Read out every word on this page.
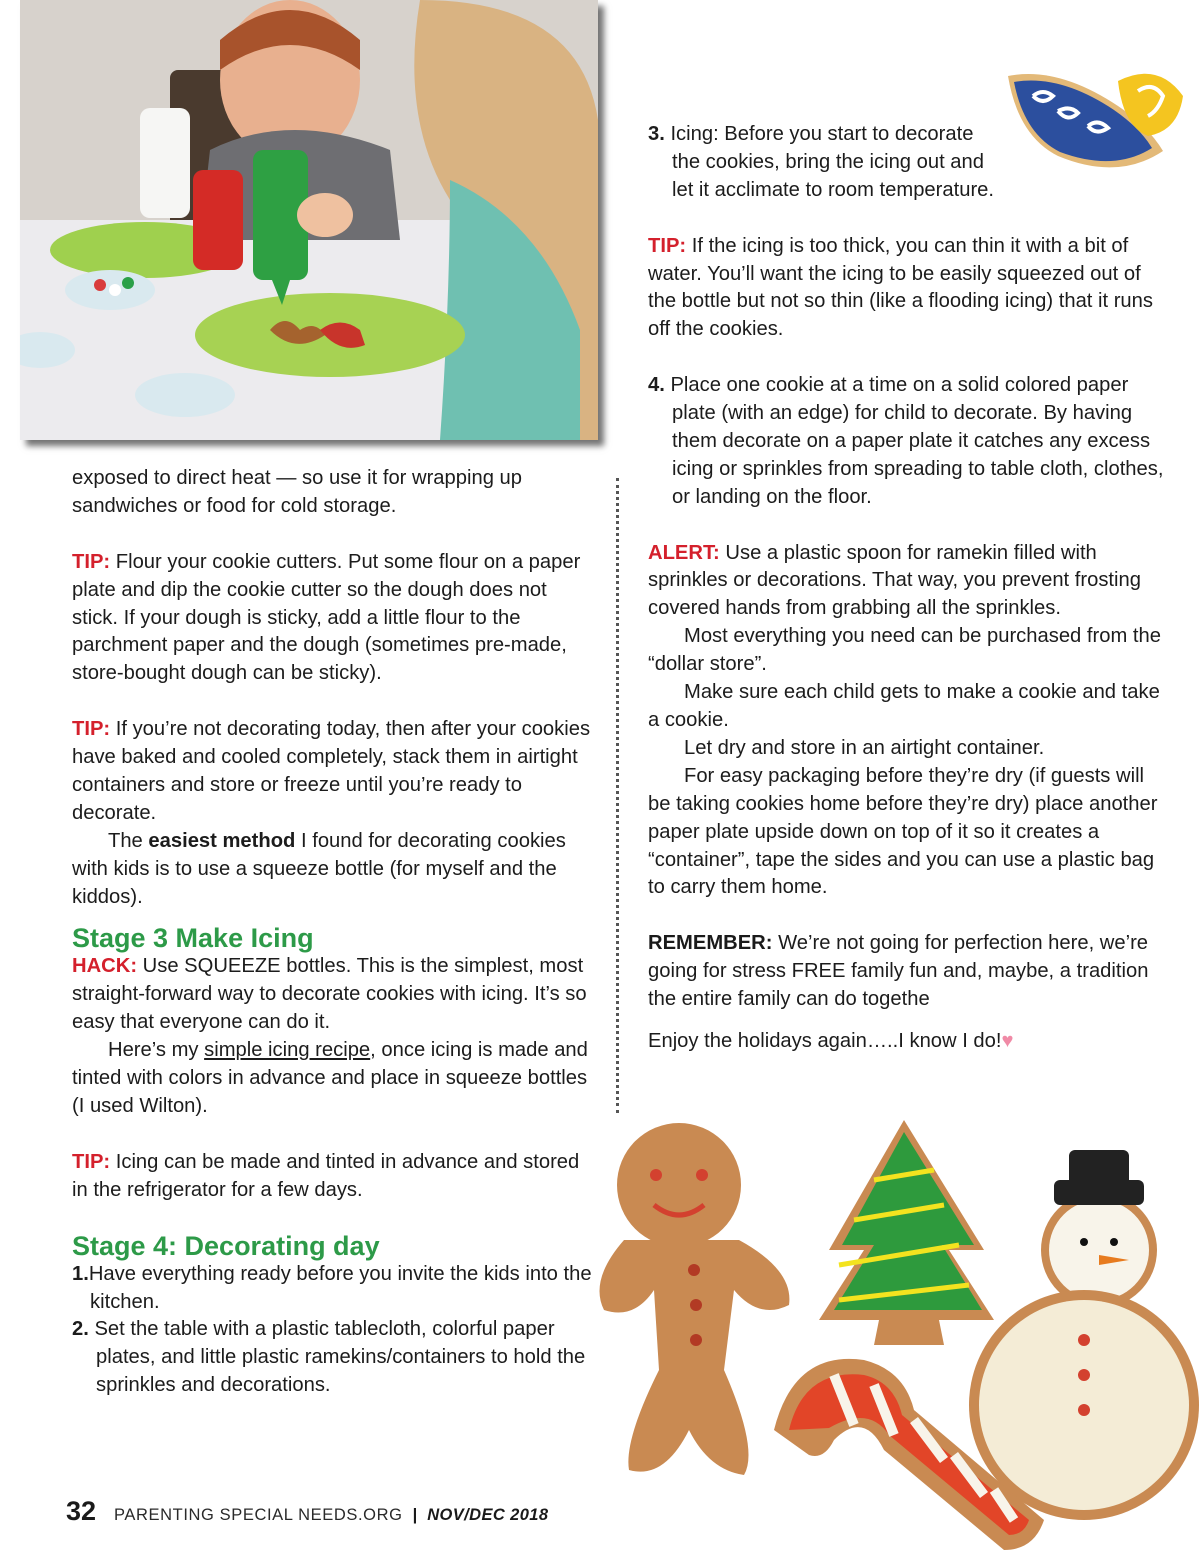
exposed to direct heat — so use it for wrapping up sandwiches or food for cold storage.
TIP: Flour your cookie cutters. Put some flour on a paper plate and dip the cookie cutter so the dough does not stick. If your dough is sticky, add a little flour to the parchment paper and the dough (sometimes pre-made, store-bought dough can be sticky).
TIP: If you’re not decorating today, then after your cookies have baked and cooled completely, stack them in airtight containers and store or freeze until you’re ready to decorate.
The easiest method I found for decorating cookies with kids is to use a squeeze bottle (for myself and the kiddos).
Stage 3 Make Icing
HACK: Use SQUEEZE bottles. This is the simplest, most straight-forward way to decorate cookies with icing. It’s so easy that everyone can do it.
Here’s my simple icing recipe, once icing is made and tinted with colors in advance and place in squeeze bottles (I used Wilton).
TIP: Icing can be made and tinted in advance and stored in the refrigerator for a few days.
Stage 4: Decorating day
1.Have everything ready before you invite the kids into the kitchen.
2. Set the table with a plastic tablecloth, colorful paper plates, and little plastic ramekins/containers to hold the sprinkles and decorations.
3. Icing: Before you start to decorate
the cookies, bring the icing out and
let it acclimate to room temperature.
TIP: If the icing is too thick, you can thin it with a bit of water. You’ll want the icing to be easily squeezed out of the bottle but not so thin (like a flooding icing) that it runs off the cookies.
4. Place one cookie at a time on a solid colored paper plate (with an edge) for child to decorate. By having them decorate on a paper plate it catches any excess icing or sprinkles from spreading to table cloth, clothes, or landing on the floor.
ALERT: Use a plastic spoon for ramekin filled with sprinkles or decorations. That way, you prevent frosting covered hands from grabbing all the sprinkles.
Most everything you need can be purchased from the “dollar store”.
Make sure each child gets to make a cookie and take a cookie.
Let dry and store in an airtight container.
For easy packaging before they’re dry (if guests will be taking cookies home before they’re dry) place another paper plate upside down on top of it so it creates a “container”, tape the sides and you can use a plastic bag to carry them home.
REMEMBER: We’re not going for perfection here, we’re going for stress FREE family fun and, maybe, a tradition the entire family can do togethe
Enjoy the holidays again…..I know I do!♥
32 PARENTING SPECIAL NEEDS.ORG | NOV/DEC 2018
